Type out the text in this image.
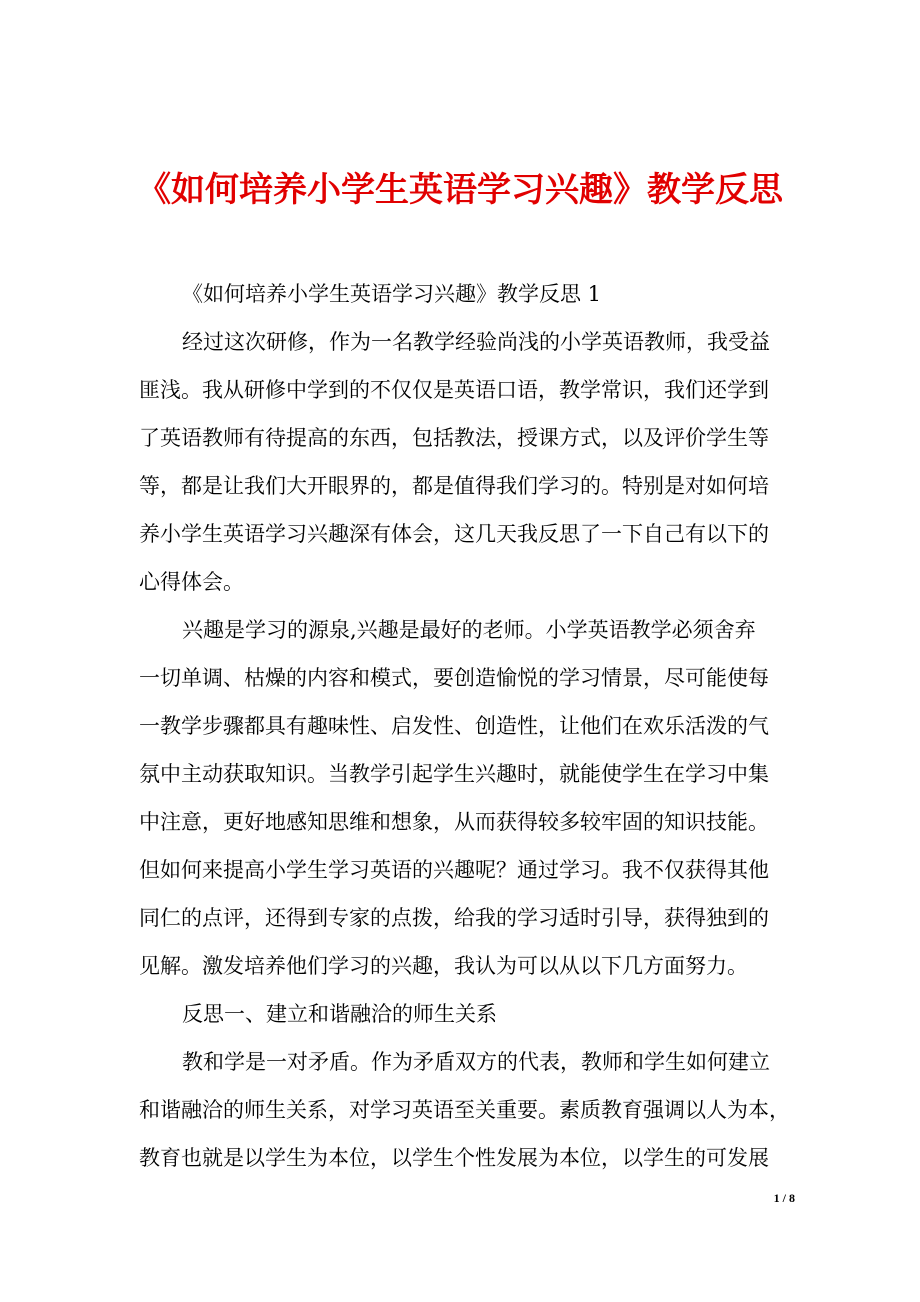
《如何培养小学生英语学习兴趣》教学反思
《如何培养小学生英语学习兴趣》教学反思 1
经过这次研修，作为一名教学经验尚浅的小学英语教师，我受益
匪浅。我从研修中学到的不仅仅是英语口语，教学常识，我们还学到
了英语教师有待提高的东西，包括教法，授课方式，以及评价学生等
等，都是让我们大开眼界的，都是值得我们学习的。特别是对如何培
养小学生英语学习兴趣深有体会，这几天我反思了一下自己有以下的
心得体会。
兴趣是学习的源泉,兴趣是最好的老师。小学英语教学必须舍弃
一切单调、枯燥的内容和模式，要创造愉悦的学习情景，尽可能使每
一教学步骤都具有趣味性、启发性、创造性，让他们在欢乐活泼的气
氛中主动获取知识。当教学引起学生兴趣时，就能使学生在学习中集
中注意，更好地感知思维和想象，从而获得较多较牢固的知识技能。
但如何来提高小学生学习英语的兴趣呢？通过学习。我不仅获得其他
同仁的点评，还得到专家的点拨，给我的学习适时引导，获得独到的
见解。激发培养他们学习的兴趣，我认为可以从以下几方面努力。
反思一、建立和谐融洽的师生关系
教和学是一对矛盾。作为矛盾双方的代表，教师和学生如何建立
和谐融洽的师生关系，对学习英语至关重要。素质教育强调以人为本，
教育也就是以学生为本位，以学生个性发展为本位，以学生的可发展
1 / 8
